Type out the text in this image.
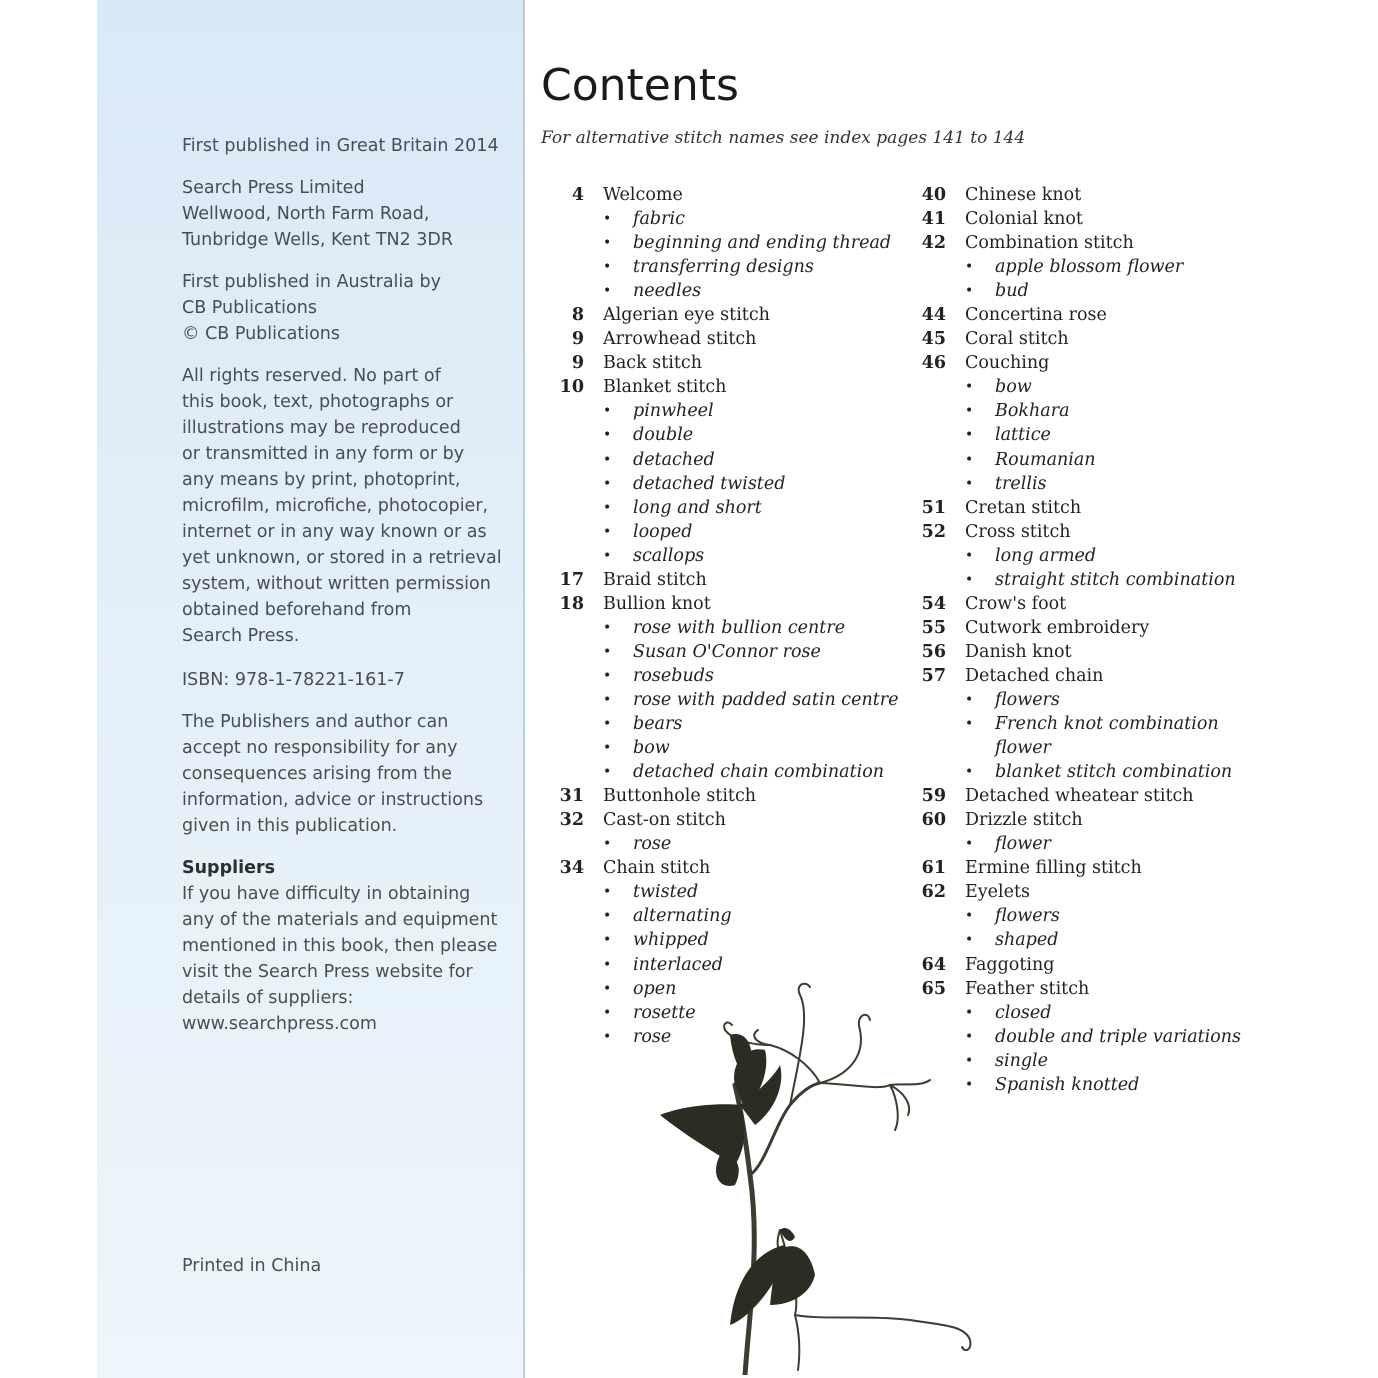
First published in Great Britain 2014
Search Press Limited
Wellwood, North Farm Road,
Tunbridge Wells, Kent TN2 3DR
First published in Australia by
CB Publications
© CB Publications
All rights reserved. No part of
this book, text, photographs or
illustrations may be reproduced
or transmitted in any form or by
any means by print, photoprint,
microfilm, microfiche, photocopier,
internet or in any way known or as
yet unknown, or stored in a retrieval
system, without written permission
obtained beforehand from
Search Press.
ISBN: 978-1-78221-161-7
The Publishers and author can
accept no responsibility for any
consequences arising from the
information, advice or instructions
given in this publication.
Suppliers
If you have difficulty in obtaining
any of the materials and equipment
mentioned in this book, then please
visit the Search Press website for
details of suppliers:
www.searchpress.com
Printed in China
Contents
For alternative stitch names see index pages 141 to 144
4 Welcome
• fabric
• beginning and ending thread
• transferring designs
• needles
8 Algerian eye stitch
9 Arrowhead stitch
9 Back stitch
10 Blanket stitch
• pinwheel
• double
• detached
• detached twisted
• long and short
• looped
• scallops
17 Braid stitch
18 Bullion knot
• rose with bullion centre
• Susan O'Connor rose
• rosebuds
• rose with padded satin centre
• bears
• bow
• detached chain combination
31 Buttonhole stitch
32 Cast-on stitch
• rose
34 Chain stitch
• twisted
• alternating
• whipped
• interlaced
• open
• rosette
• rose
40 Chinese knot
41 Colonial knot
42 Combination stitch
• apple blossom flower
• bud
44 Concertina rose
45 Coral stitch
46 Couching
• bow
• Bokhara
• lattice
• Roumanian
• trellis
51 Cretan stitch
52 Cross stitch
• long armed
• straight stitch combination
54 Crow's foot
55 Cutwork embroidery
56 Danish knot
57 Detached chain
• flowers
• French knot combination
flower
• blanket stitch combination
59 Detached wheatear stitch
60 Drizzle stitch
• flower
61 Ermine filling stitch
62 Eyelets
• flowers
• shaped
64 Faggoting
65 Feather stitch
• closed
• double and triple variations
• single
• Spanish knotted
